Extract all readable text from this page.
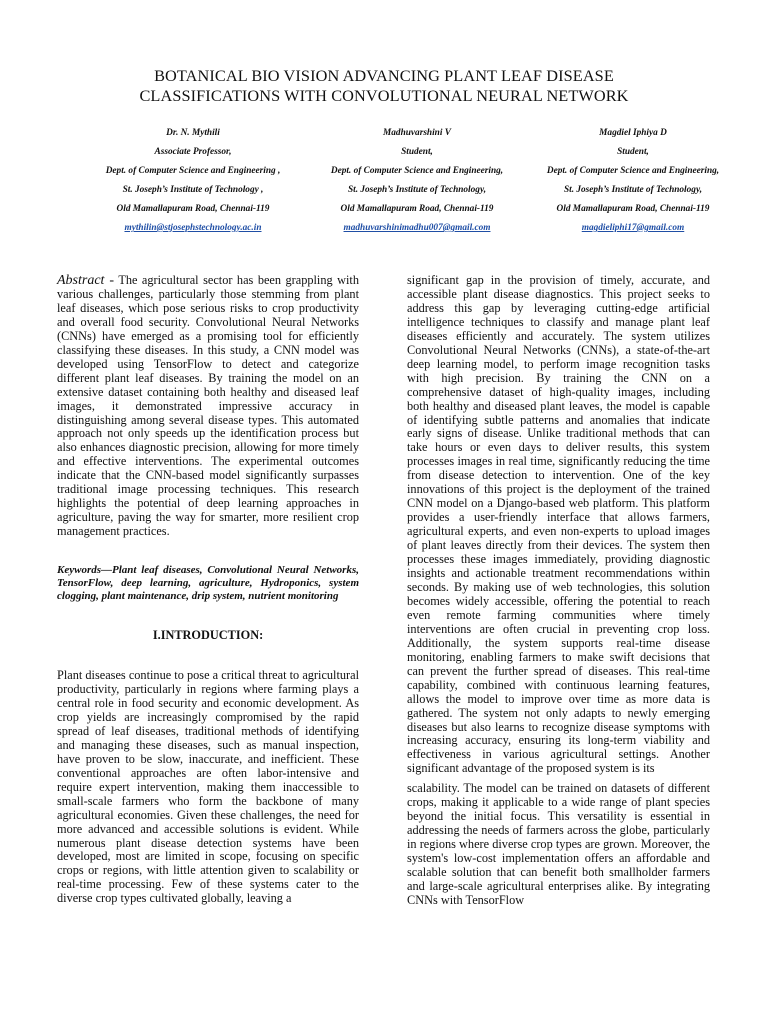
BOTANICAL BIO VISION ADVANCING PLANT LEAF DISEASE
CLASSIFICATIONS WITH CONVOLUTIONAL NEURAL NETWORK
Dr. N. Mythili
Associate Professor,
Dept. of Computer Science and Engineering ,
St. Joseph’s Institute of Technology ,
Old Mamallapuram Road, Chennai-119
mythilin@stjosephstechnology.ac.in
Madhuvarshini V
Student,
Dept. of Computer Science and Engineering,
St. Joseph’s Institute of Technology,
Old Mamallapuram Road, Chennai-119
madhuvarshinimadhu007@gmail.com
Magdiel Iphiya D
Student,
Dept. of Computer Science and Engineering,
St. Joseph’s Institute of Technology,
Old Mamallapuram Road, Chennai-119
magdieliphi17@gmail.com

Abstract - The agricultural sector has been grappling with various challenges, particularly those stemming from plant leaf diseases, which pose serious risks to crop productivity and overall food security. Convolutional Neural Networks (CNNs) have emerged as a promising tool for efficiently classifying these diseases. In this study, a CNN model was developed using TensorFlow to detect and categorize different plant leaf diseases. By training the model on an extensive dataset containing both healthy and diseased leaf images, it demonstrated impressive accuracy in distinguishing among several disease types. This automated approach not only speeds up the identification process but also enhances diagnostic precision, allowing for more timely and effective interventions. The experimental outcomes indicate that the CNN-based model significantly surpasses traditional image processing techniques. This research highlights the potential of deep learning approaches in agriculture, paving the way for smarter, more resilient crop management practices.

Keywords—Plant leaf diseases, Convolutional Neural Networks, TensorFlow, deep learning, agriculture, Hydroponics, system clogging, plant maintenance, drip system, nutrient monitoring

I.INTRODUCTION:

Plant diseases continue to pose a critical threat to agricultural productivity, particularly in regions where farming plays a central role in food security and economic development. As crop yields are increasingly compromised by the rapid spread of leaf diseases, traditional methods of identifying and managing these diseases, such as manual inspection, have proven to be slow, inaccurate, and inefficient. These conventional approaches are often labor-intensive and require expert intervention, making them inaccessible to small-scale farmers who form the backbone of many agricultural economies. Given these challenges, the need for more advanced and accessible solutions is evident. While numerous plant disease detection systems have been developed, most are limited in scope, focusing on specific crops or regions, with little attention given to scalability or real-time processing. Few of these systems cater to the diverse crop types cultivated globally, leaving a

significant gap in the provision of timely, accurate, and accessible plant disease diagnostics. This project seeks to address this gap by leveraging cutting-edge artificial intelligence techniques to classify and manage plant leaf diseases efficiently and accurately. The system utilizes Convolutional Neural Networks (CNNs), a state-of-the-art deep learning model, to perform image recognition tasks with high precision. By training the CNN on a comprehensive dataset of high-quality images, including both healthy and diseased plant leaves, the model is capable of identifying subtle patterns and anomalies that indicate early signs of disease. Unlike traditional methods that can take hours or even days to deliver results, this system processes images in real time, significantly reducing the time from disease detection to intervention. One of the key innovations of this project is the deployment of the trained CNN model on a Django-based web platform. This platform provides a user-friendly interface that allows farmers, agricultural experts, and even non-experts to upload images of plant leaves directly from their devices. The system then processes these images immediately, providing diagnostic insights and actionable treatment recommendations within seconds. By making use of web technologies, this solution becomes widely accessible, offering the potential to reach even remote farming communities where timely interventions are often crucial in preventing crop loss. Additionally, the system supports real-time disease monitoring, enabling farmers to make swift decisions that can prevent the further spread of diseases. This real-time capability, combined with continuous learning features, allows the model to improve over time as more data is gathered. The system not only adapts to newly emerging diseases but also learns to recognize disease symptoms with increasing accuracy, ensuring its long-term viability and effectiveness in various agricultural settings. Another significant advantage of the proposed system is its

scalability. The model can be trained on datasets of different crops, making it applicable to a wide range of plant species beyond the initial focus. This versatility is essential in addressing the needs of farmers across the globe, particularly in regions where diverse crop types are grown. Moreover, the system's low-cost implementation offers an affordable and scalable solution that can benefit both smallholder farmers and large-scale agricultural enterprises alike. By integrating CNNs with TensorFlow
